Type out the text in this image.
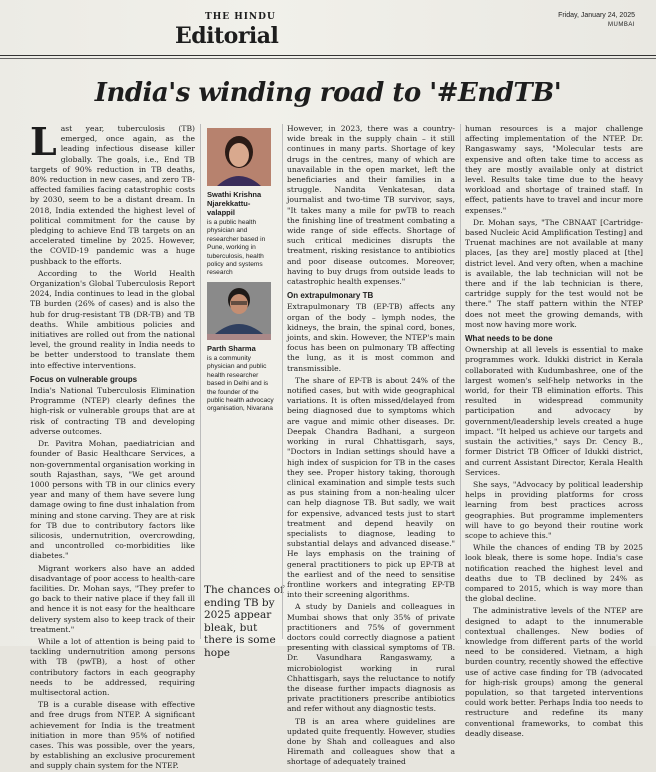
THE HINDU
Editorial
Friday, January 24, 2025
MUMBAI
India's winding road to '#EndTB'

Last year, tuberculosis (TB) emerged, once again, as the leading infectious disease killer globally. The goals, i.e., End TB targets of 90% reduction in TB deaths, 80% reduction in new cases, and zero TB-affected families facing catastrophic costs by 2030, seem to be a distant dream. In 2018, India extended the highest level of political commitment for the cause by pledging to achieve End TB targets on an accelerated timeline by 2025. However, the COVID-19 pandemic was a huge pushback to the efforts.

According to the World Health Organization's Global Tuberculosis Report 2024, India continues to lead in the global TB burden (26% of cases) and is also the hub for drug-resistant TB (DR-TB) and TB deaths. While ambitious policies and initiatives are rolled out from the national level, the ground reality in India needs to be better understood to translate them into effective interventions.

Focus on vulnerable groups

India's National Tuberculosis Elimination Programme (NTEP) clearly defines the high-risk or vulnerable groups that are at risk of contracting TB and developing adverse outcomes.

Dr. Pavitra Mohan, paediatrician and founder of Basic Healthcare Services, a non-governmental organisation working in south Rajasthan, says, "We get around 1000 persons with TB in our clinics every year and many of them have severe lung damage owing to fine dust inhalation from mining and stone carving. They are at risk for TB due to contributory factors like silicosis, undernutrition, overcrowding, and uncontrolled co-morbidities like diabetes."

Migrant workers also have an added disadvantage of poor access to health-care facilities. Dr. Mohan says, "They prefer to go back to their native place if they fall ill and hence it is not easy for the healthcare delivery system also to keep track of their treatment."

While a lot of attention is being paid to tackling undernutrition among persons with TB (pwTB), a host of other contributory factors in each geography needs to be addressed, requiring multisectoral action.

TB is a curable disease with effective and free drugs from NTEP. A significant achievement for India is the treatment initiation in more than 95% of notified cases. This was possible, over the years, by establishing an exclusive procurement and supply chain system for the NTEP.

Swathi Krishna Njarekkattu-valappil
is a public health physician and researcher based in Pune, working in tuberculosis, health policy and systems research
Parth Sharma
is a community physician and public health researcher based in Delhi and is the founder of the public health advocacy organisation, Nivarana
The chances of ending TB by 2025 appear bleak, but there is some hope

However, in 2023, there was a country-wide break in the supply chain – it still continues in many parts. Shortage of key drugs in the centres, many of which are unavailable in the open market, left the beneficiaries and their families in a struggle. Nandita Venkatesan, data journalist and two-time TB survivor, says, "It takes many a mile for pwTB to reach the finishing line of treatment combating a wide range of side effects. Shortage of such critical medicines disrupts the treatment, risking resistance to antibiotics and poor disease outcomes. Moreover, having to buy drugs from outside leads to catastrophic health expenses."

On extrapulmonary TB

Extrapulmonary TB (EP-TB) affects any organ of the body – lymph nodes, the kidneys, the brain, the spinal cord, bones, joints, and skin. However, the NTEP's main focus has been on pulmonary TB affecting the lung, as it is most common and transmissible.

The share of EP-TB is about 24% of the notified cases, but with wide geographical variations. It is often missed/delayed from being diagnosed due to symptoms which are vague and mimic other diseases. Dr. Deepak Chandra Badhani, a surgeon working in rural Chhattisgarh, says, "Doctors in Indian settings should have a high index of suspicion for TB in the cases they see. Proper history taking, thorough clinical examination and simple tests such as pus staining from a non-healing ulcer can help diagnose TB. But sadly, we wait for expensive, advanced tests just to start treatment and depend heavily on specialists to diagnose, leading to substantial delays and advanced disease." He lays emphasis on the training of general practitioners to pick up EP-TB at the earliest and of the need to sensitise frontline workers and integrating EP-TB into their screening algorithms.

A study by Daniels and colleagues in Mumbai shows that only 35% of private practitioners and 75% of government doctors could correctly diagnose a patient presenting with classical symptoms of TB. Dr. Vasundhara Rangaswamy, a microbiologist working in rural Chhattisgarh, says the reluctance to notify the disease further impacts diagnosis as private practitioners prescribe antibiotics and refer without any diagnostic tests.

TB is an area where guidelines are updated quite frequently. However, studies done by Shah and colleagues and also Hiremath and colleagues show that a shortage of adequately trained

human resources is a major challenge affecting implementation of the NTEP. Dr. Rangaswamy says, "Molecular tests are expensive and often take time to access as they are mostly available only at district level. Results take time due to the heavy workload and shortage of trained staff. In effect, patients have to travel and incur more expenses."

Dr. Mohan says, "The CBNAAT [Cartridge-based Nucleic Acid Amplification Testing] and Truenat machines are not available at many places, [as they are] mostly placed at [the] district level. And very often, when a machine is available, the lab technician will not be there and if the lab technician is there, cartridge supply for the test would not be there." The staff pattern within the NTEP does not meet the growing demands, with most now having more work.

What needs to be done

Ownership at all levels is essential to make programmes work. Idukki district in Kerala collaborated with Kudumbashree, one of the largest women's self-help networks in the world, for their TB elimination efforts. This resulted in widespread community participation and advocacy by government/leadership levels created a huge impact. "It helped us achieve our targets and sustain the activities," says Dr. Cency B., former District TB Officer of Idukki district, and current Assistant Director, Kerala Health Services.

She says, "Advocacy by political leadership helps in providing platforms for cross learning from best practices across geographies. But programme implementers will have to go beyond their routine work scope to achieve this."

While the chances of ending TB by 2025 look bleak, there is some hope. India's case notification reached the highest level and deaths due to TB declined by 24% as compared to 2015, which is way more than the global decline.

The administrative levels of the NTEP are designed to adapt to the innumerable contextual challenges. New bodies of knowledge from different parts of the world need to be considered. Vietnam, a high burden country, recently showed the effective use of active case finding for TB (advocated for high-risk groups) among the general population, so that targeted interventions could work better. Perhaps India too needs to restructure and redefine its many conventional frameworks, to combat this deadly disease.
